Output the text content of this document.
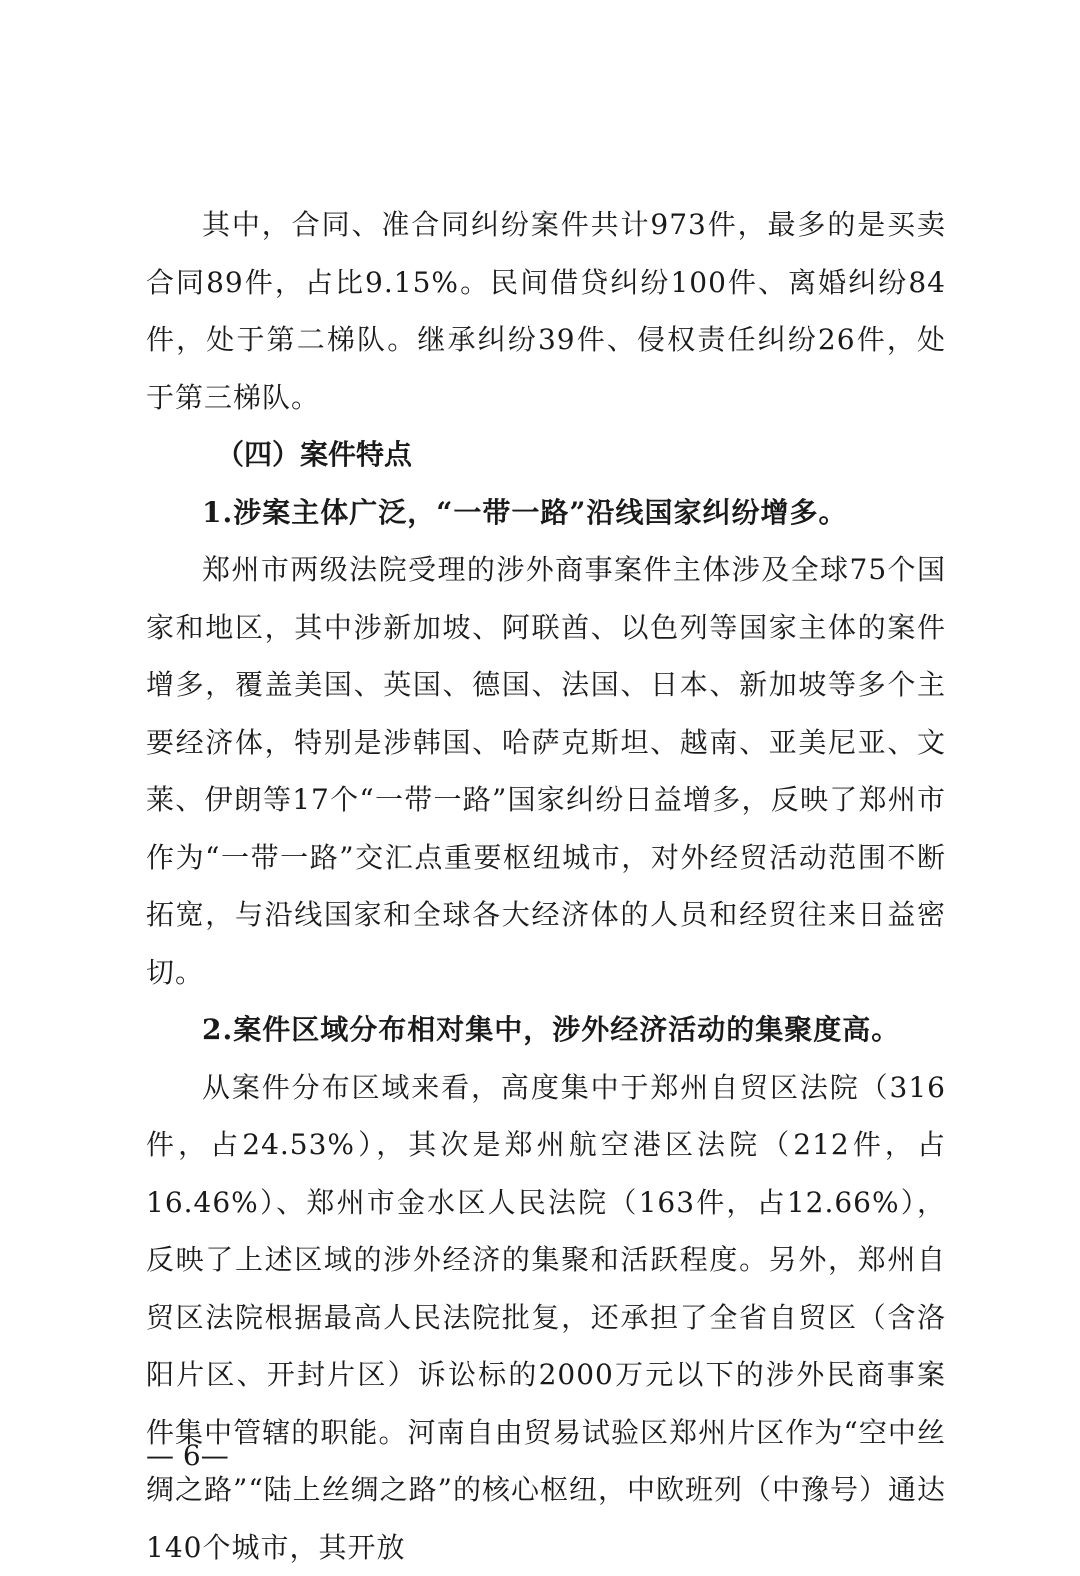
其中，合同、准合同纠纷案件共计973件，最多的是买卖合同89件，占比9.15%。民间借贷纠纷100件、离婚纠纷84件，处于第二梯队。继承纠纷39件、侵权责任纠纷26件，处于第三梯队。

（四）案件特点

1.涉案主体广泛，“一带一路”沿线国家纠纷增多。

郑州市两级法院受理的涉外商事案件主体涉及全球75个国家和地区，其中涉新加坡、阿联酋、以色列等国家主体的案件增多，覆盖美国、英国、德国、法国、日本、新加坡等多个主要经济体，特别是涉韩国、哈萨克斯坦、越南、亚美尼亚、文莱、伊朗等17个“一带一路”国家纠纷日益增多，反映了郑州市作为“一带一路”交汇点重要枢纽城市，对外经贸活动范围不断拓宽，与沿线国家和全球各大经济体的人员和经贸往来日益密切。

2.案件区域分布相对集中，涉外经济活动的集聚度高。

从案件分布区域来看，高度集中于郑州自贸区法院（316件，占24.53%），其次是郑州航空港区法院（212件，占16.46%）、郑州市金水区人民法院（163件，占12.66%），反映了上述区域的涉外经济的集聚和活跃程度。另外，郑州自贸区法院根据最高人民法院批复，还承担了全省自贸区（含洛阳片区、开封片区）诉讼标的2000万元以下的涉外民商事案件集中管辖的职能。河南自由贸易试验区郑州片区作为“空中丝绸之路”“陆上丝绸之路”的核心枢纽，中欧班列（中豫号）通达140个城市，其开放

— 6—
